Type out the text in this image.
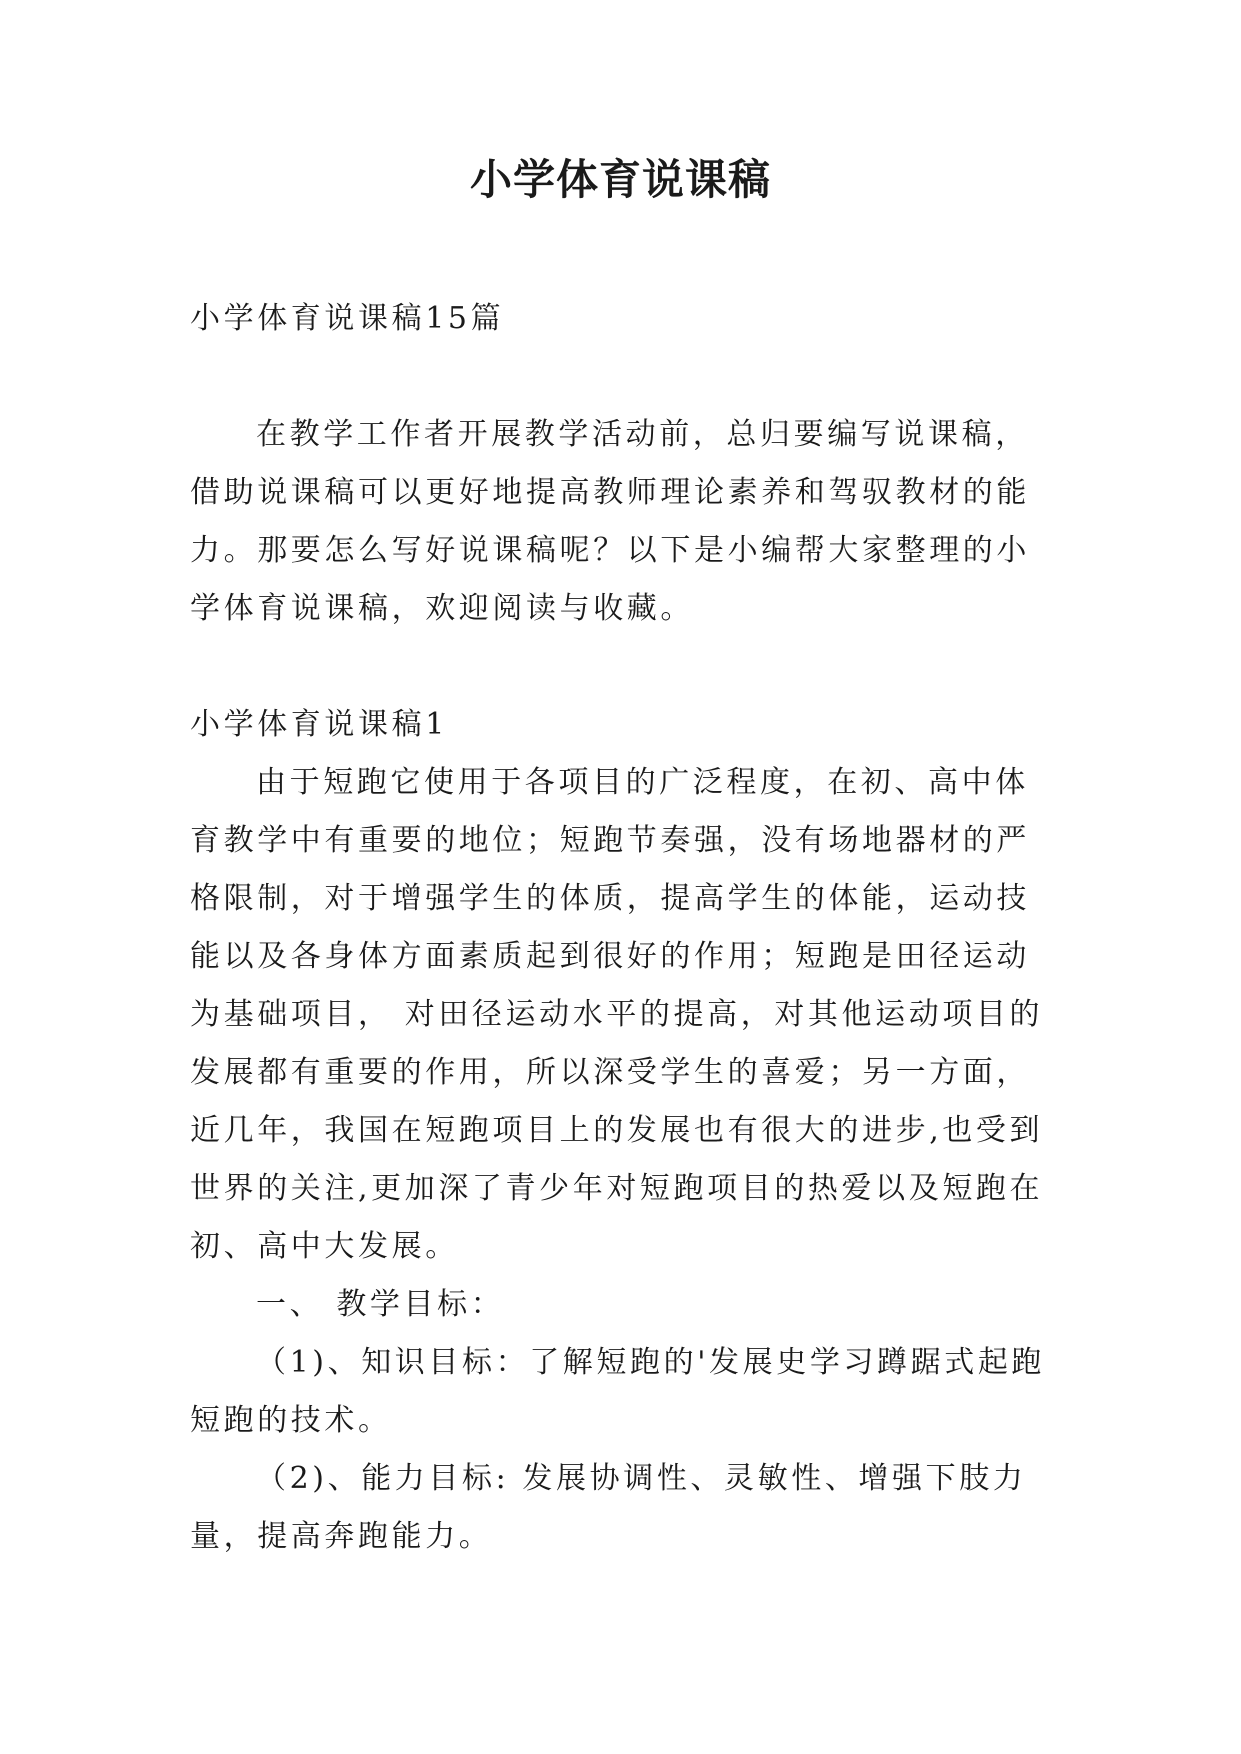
小学体育说课稿

小学体育说课稿15篇

在教学工作者开展教学活动前，总归要编写说课稿，借助说课稿可以更好地提高教师理论素养和驾驭教材的能力。那要怎么写好说课稿呢？以下是小编帮大家整理的小学体育说课稿，欢迎阅读与收藏。

小学体育说课稿1

由于短跑它使用于各项目的广泛程度，在初、高中体育教学中有重要的地位；短跑节奏强，没有场地器材的严格限制，对于增强学生的体质，提高学生的体能，运动技能以及各身体方面素质起到很好的作用；短跑是田径运动为基础项目， 对田径运动水平的提高，对其他运动项目的发展都有重要的作用，所以深受学生的喜爱；另一方面，近几年，我国在短跑项目上的发展也有很大的进步,也受到世界的关注,更加深了青少年对短跑项目的热爱以及短跑在初、高中大发展。

一、 教学目标：

（1)、知识目标：了解短跑的'发展史学习蹲踞式起跑短跑的技术。

（2)、能力目标: 发展协调性、灵敏性、增强下肢力量，提高奔跑能力。
